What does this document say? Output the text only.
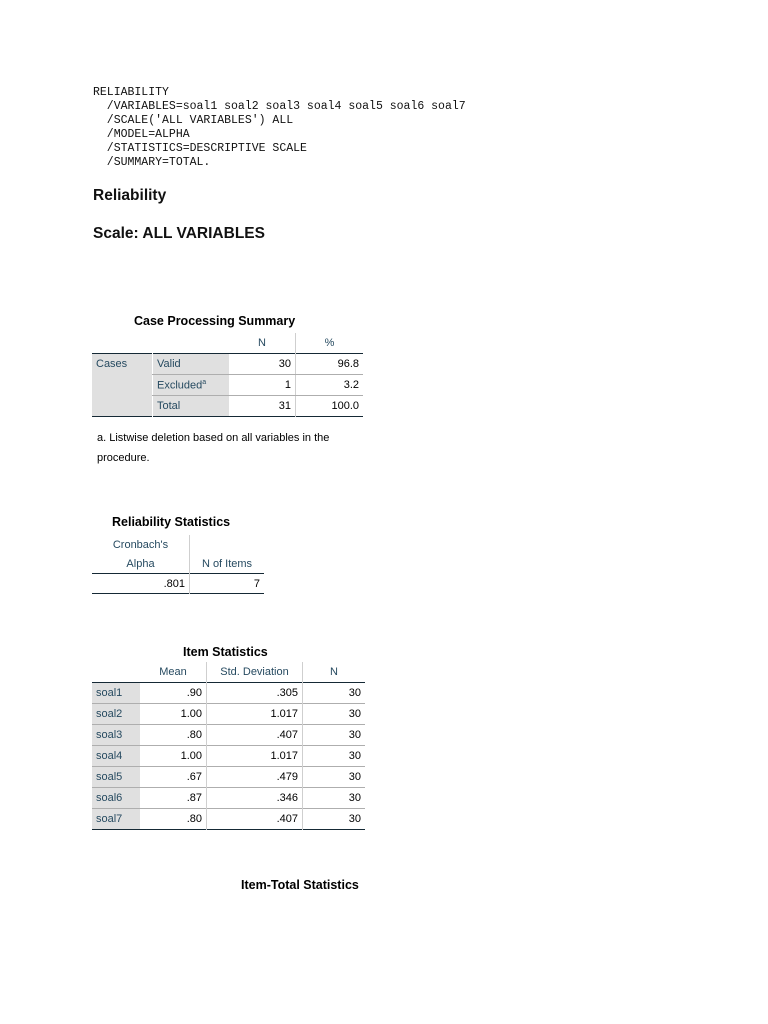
RELIABILITY
/VARIABLES=soal1 soal2 soal3 soal4 soal5 soal6 soal7
/SCALE('ALL VARIABLES') ALL
/MODEL=ALPHA
/STATISTICS=DESCRIPTIVE SCALE
/SUMMARY=TOTAL.
Reliability
Scale: ALL VARIABLES
Case Processing Summary
		N	%
Cases	Valid	30	96.8
	Excluded$^a$	1	3.2
	Total	31	100.0
a. Listwise deletion based on all variables in the
procedure.
Reliability Statistics
Cronbach's	
Alpha	N of Items
.801	7
Item Statistics
	Mean	Std. Deviation	N
soal1	.90	.305	30
soal2	1.00	1.017	30
soal3	.80	.407	30
soal4	1.00	1.017	30
soal5	.67	.479	30
soal6	.87	.346	30
soal7	.80	.407	30
Item-Total Statistics
